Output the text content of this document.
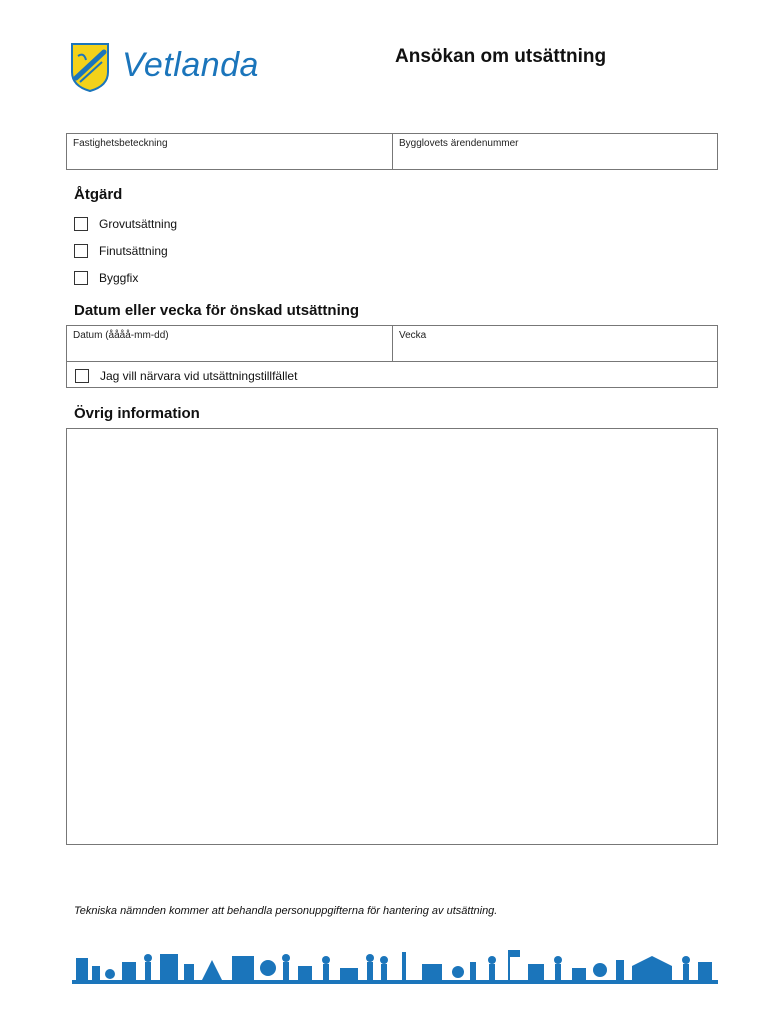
Vetlanda	Ansökan om utsättning
Fastighetsbeteckning	Bygglovets ärendenummer
Åtgärd
Grovutsättning
Finutsättning
Byggfix
Datum eller vecka för önskad utsättning
Datum (åååå-mm-dd)	Vecka
Jag vill närvara vid utsättningstillfället
Övrig information
Tekniska nämnden kommer att behandla personuppgifterna för hantering av utsättning.
